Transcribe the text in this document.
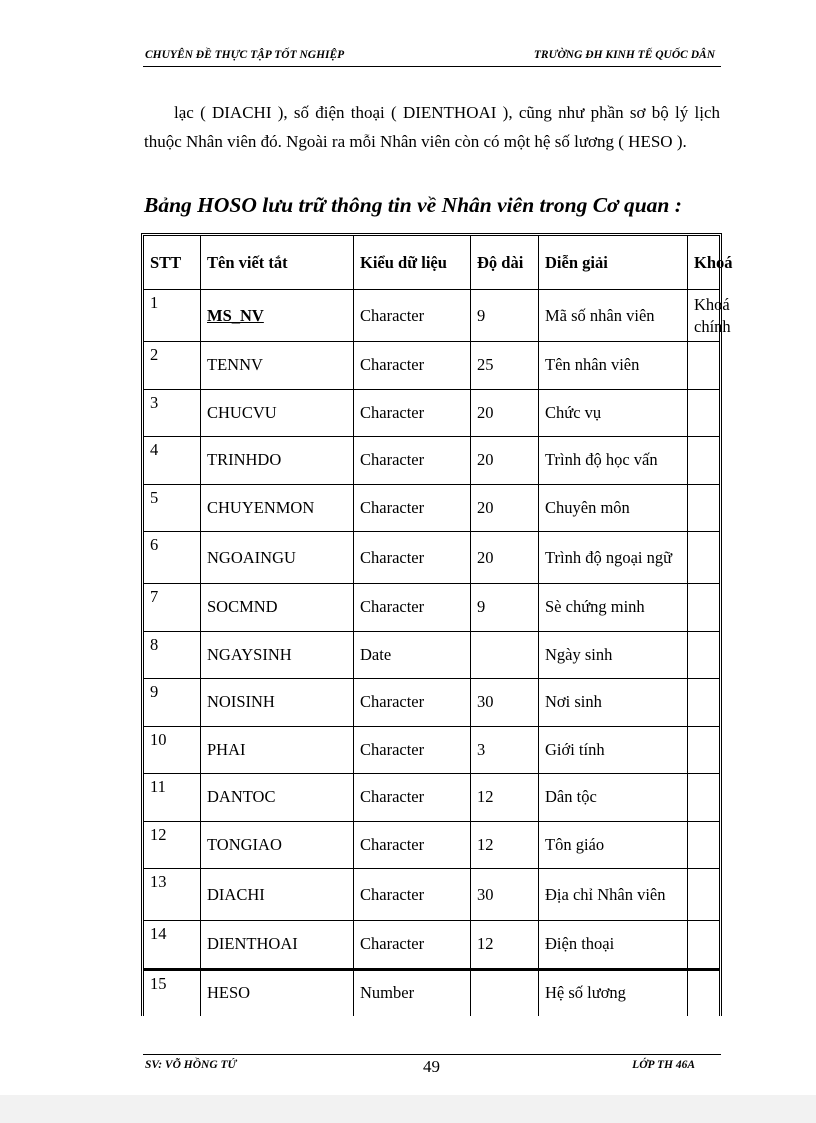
CHUYÊN ĐỀ THỰC TẬP TỐT NGHIỆP	TRƯỜNG ĐH KINH TẾ QUỐC DÂN

lạc ( DIACHI ), số điện thoại ( DIENTHOAI ), cũng như phần sơ bộ lý lịch thuộc Nhân viên đó. Ngoài ra mỗi Nhân viên còn có một hệ số lương ( HESO ).

Bảng HOSO lưu trữ thông tin về Nhân viên trong Cơ quan :
STT	Tên viết tắt	Kiểu dữ liệu	Độ dài	Diễn giải	Khoá
1	MS_NV	Character	9	Mã số nhân viên	Khoá chính
2	TENNV	Character	25	Tên nhân viên	
3	CHUCVU	Character	20	Chức vụ	
4	TRINHDO	Character	20	Trình độ học vấn	
5	CHUYENMON	Character	20	Chuyên môn	
6	NGOAINGU	Character	20	Trình độ ngoại ngữ	
7	SOCMND	Character	9	Sè chứng minh	
8	NGAYSINH	Date		Ngày sinh	
9	NOISINH	Character	30	Nơi sinh	
10	PHAI	Character	3	Giới tính	
11	DANTOC	Character	12	Dân tộc	
12	TONGIAO	Character	12	Tôn giáo	
13	DIACHI	Character	30	Địa chỉ Nhân viên	
14	DIENTHOAI	Character	12	Điện thoại	
15	HESO	Number		Hệ số lương	
SV: VÕ HỒNG TỨ	49	LỚP TH 46A
